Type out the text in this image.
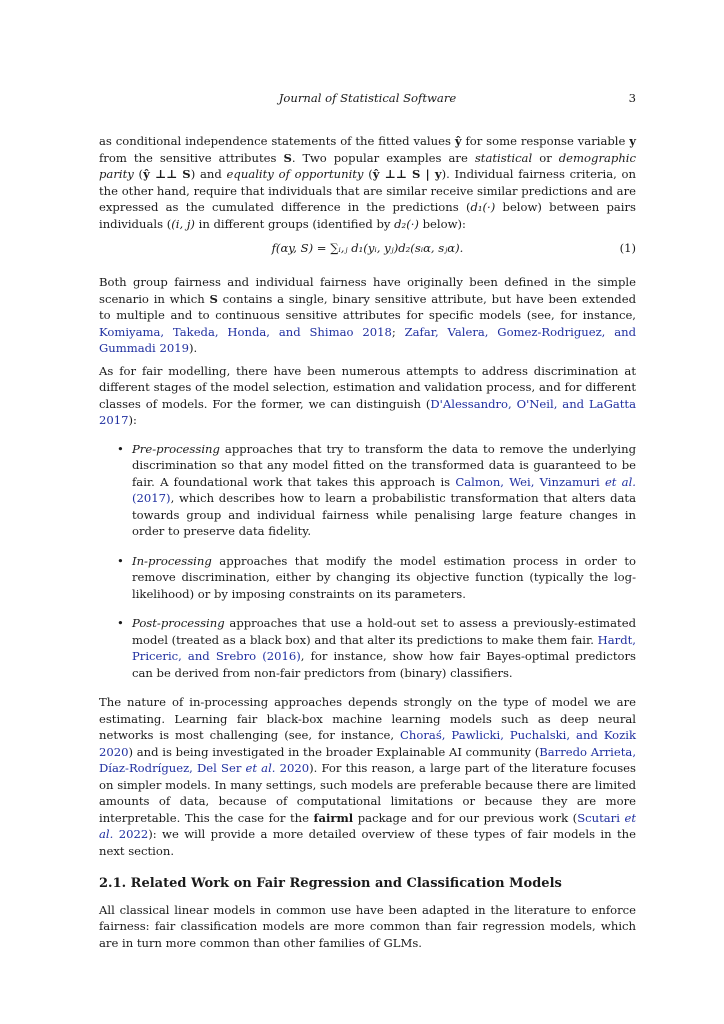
Journal of Statistical Software	3

as conditional independence statements of the fitted values ŷ for some response variable y from the sensitive attributes S. Two popular examples are statistical or demographic parity (ŷ ⊥⊥ S) and equality of opportunity (ŷ ⊥⊥ S | y). Individual fairness criteria, on the other hand, require that individuals that are similar receive similar predictions and are expressed as the cumulated difference in the predictions (d₁(·) below) between pairs individuals ((i, j) in different groups (identified by d₂(·) below):

f(αy, S) = ∑ᵢ,ⱼ d₁(yᵢ, yⱼ)d₂(sᵢα, sⱼα).	(1)

Both group fairness and individual fairness have originally been defined in the simple scenario in which S contains a single, binary sensitive attribute, but have been extended to multiple and to continuous sensitive attributes for specific models (see, for instance, Komiyama, Takeda, Honda, and Shimao 2018; Zafar, Valera, Gomez-Rodriguez, and Gummadi 2019).

As for fair modelling, there have been numerous attempts to address discrimination at different stages of the model selection, estimation and validation process, and for different classes of models. For the former, we can distinguish (D'Alessandro, O'Neil, and LaGatta 2017):

• Pre-processing approaches that try to transform the data to remove the underlying discrimination so that any model fitted on the transformed data is guaranteed to be fair. A foundational work that takes this approach is Calmon, Wei, Vinzamuri et al. (2017), which describes how to learn a probabilistic transformation that alters data towards group and individual fairness while penalising large feature changes in order to preserve data fidelity.
• In-processing approaches that modify the model estimation process in order to remove discrimination, either by changing its objective function (typically the log-likelihood) or by imposing constraints on its parameters.
• Post-processing approaches that use a hold-out set to assess a previously-estimated model (treated as a black box) and that alter its predictions to make them fair. Hardt, Priceric, and Srebro (2016), for instance, show how fair Bayes-optimal predictors can be derived from non-fair predictors from (binary) classifiers.

The nature of in-processing approaches depends strongly on the type of model we are estimating. Learning fair black-box machine learning models such as deep neural networks is most challenging (see, for instance, Choraś, Pawlicki, Puchalski, and Kozik 2020) and is being investigated in the broader Explainable AI community (Barredo Arrieta, Díaz-Rodríguez, Del Ser et al. 2020). For this reason, a large part of the literature focuses on simpler models. In many settings, such models are preferable because there are limited amounts of data, because of computational limitations or because they are more interpretable. This the case for the fairml package and for our previous work (Scutari et al. 2022): we will provide a more detailed overview of these types of fair models in the next section.

2.1. Related Work on Fair Regression and Classification Models

All classical linear models in common use have been adapted in the literature to enforce fairness: fair classification models are more common than fair regression models, which are in turn more common than other families of GLMs.
